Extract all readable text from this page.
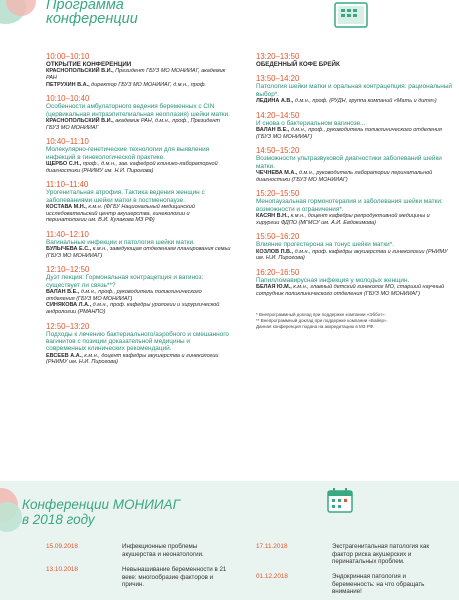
Программа
конференции
10:00–10:10
ОТКРЫТИЕ КОНФЕРЕНЦИИ
КРАСНОПОЛЬСКИЙ В.И., Президент ГБУЗ МО МОНИИАГ, академик РАН
ПЕТРУХИН В.А., директор ГБУЗ МО МОНИИАГ, д.м.н., проф.
10:10–10:40
Особенности амбулаторного ведения беременных с CIN (цервикальная интраэпителиальная неоплазия) шейки матки.
КРАСНОПОЛЬСКИЙ В.И., академик РАН, д.м.н., проф., Президент ГБУЗ МО МОНИИАГ
10:40–11:10
Молекулярно-генетические технологии для выявления инфекций в гинекологической практике.
ЩЕРБО С.Н., проф., д.м.н., зав. кафедрой клинико-лабораторной диагностики (РНИМУ им. Н.И. Пирогова)
11:10–11:40
Урогенитальная атрофия. Тактика ведения женщин с заболеваниями шейки матки в постменопаузе.
КОСТАВА М.Н., к.м.н. (ФГБУ Национальный медицинский исследовательский центр акушерства, гинекологии и перинатологии им. В.И. Кулакова МЗ РФ)
11:40–12:10
Вагинальные инфекции и патология шейки матки.
БУЛЫЧЕВА Е.С., к.м.н., заведующая отделением планирования семьи (ГБУЗ МО МОНИИАГ)
12:10–12:50
Дуэт лекция: Гормональная контрацепция и вагиноз: существует ли связь**?
ВАЛАН В.Е., д.м.н., проф., руководитель поликлинического отделения (ГБУЗ МО МОНИИАГ)
СИНЯКОВА Л.А., д.м.н., проф. кафедры урологии и хирургической андрологии (РМАНПО)
12:50–13:20
Подходы к лечению бактериального/аэробного и смешанного вагинитов с позиции доказательной медицины и современных клинических рекомендаций.
ЕВСЕЕВ А.А., к.м.н., доцент кафедры акушерства и гинекологии (РНИМУ им. Н.И. Пирогова)
13:20–13:50
ОБЕДЕННЫЙ КОФЕ БРЕЙК
13:50–14:20
Патология шейки матки и оральная контрацепция: рациональный выбор*.
ЛЕДИНА А.В., д.м.н., проф. (РУДН, группа компаний «Мать и дитя»)
14:20–14:50
И снова о бактериальном вагинозе...
ВАЛАН В.Е., д.м.н., проф., руководитель поликлинического отделения (ГБУЗ МО МОНИИАГ)
14:50–15:20
Возможности ультразвуковой диагностики заболеваний шейки матки.
ЧЕЧНЕВА М.А., д.м.н., руководитель лаборатории перинатальной диагностики (ГБУЗ МО МОНИИАГ)
15:20–15:50
Менопаузальная гормонотерапия и заболевания шейки матки: возможности и ограничения*.
КАСЯН В.Н., к.м.н., доцент кафедры репродуктивной медицины и хирургии ФДПО (МГМСУ им. А.И. Евдокимова)
15:50–16:20
Влияние прогестерона на тонус шейки матки*.
КОЗЛОВ П.В., д.м.н., проф. кафедры акушерства и гинекологии (РНИМУ им. Н.И. Пирогова)
16:20–16:50
Папилломавирусная инфекция у молодых женщин.
БЕЛАЯ Ю.М., к.м.н., главный детский гинеколог МО, старший научный сотрудник поликлинического отделения (ГБУЗ МО МОНИИАГ)
* Внепрограммный доклад при поддержке компании «Эббот».
** Внепрограммный доклад при поддержке компании «Байер».
Данная конференция подана на аккредитацию в МЗ РФ.
Конференции МОНИИАГ
в 2018 году
15.09.2018	Инфекционные проблемы акушерства и неонатологии.
13.10.2018	Невынашивание беременности в 21 веке: многообразие факторов и причин.
17.11.2018	Экстрагенитальная патология как фактор риска акушерских и перинатальных проблем.
01.12.2018	Эндокринная патология и беременность: на что обращать внимание!
